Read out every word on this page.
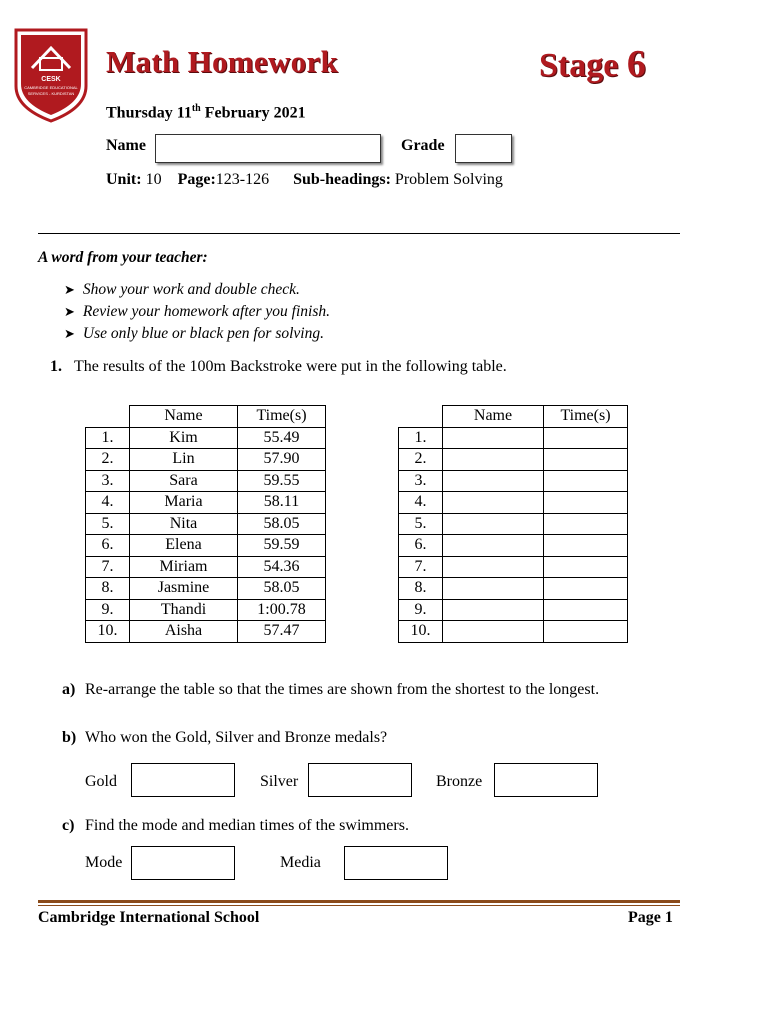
CESK
CAMBRIDGE EDUCATIONAL
SERVICES - KURDISTAN
Math Homework	Stage 6
Thursday 11th February 2021
Name	Grade
Unit: 10 Page:123-126 Sub-headings: Problem Solving
A word from your teacher:
➤ Show your work and double check.
➤ Review your homework after you finish.
➤ Use only blue or black pen for solving.
1. The results of the 100m Backstroke were put in the following table.
	Name	Time(s)
1.	Kim	55.49
2.	Lin	57.90
3.	Sara	59.55
4.	Maria	58.11
5.	Nita	58.05
6.	Elena	59.59
7.	Miriam	54.36
8.	Jasmine	58.05
9.	Thandi	1:00.78
10.	Aisha	57.47
	Name	Time(s)
1.		
2.		
3.		
4.		
5.		
6.		
7.		
8.		
9.		
10.		
a) Re-arrange the table so that the times are shown from the shortest to the longest.
b) Who won the Gold, Silver and Bronze medals?
Gold	Silver	Bronze
c) Find the mode and median times of the swimmers.
Mode	Media
Cambridge International School	Page 1
